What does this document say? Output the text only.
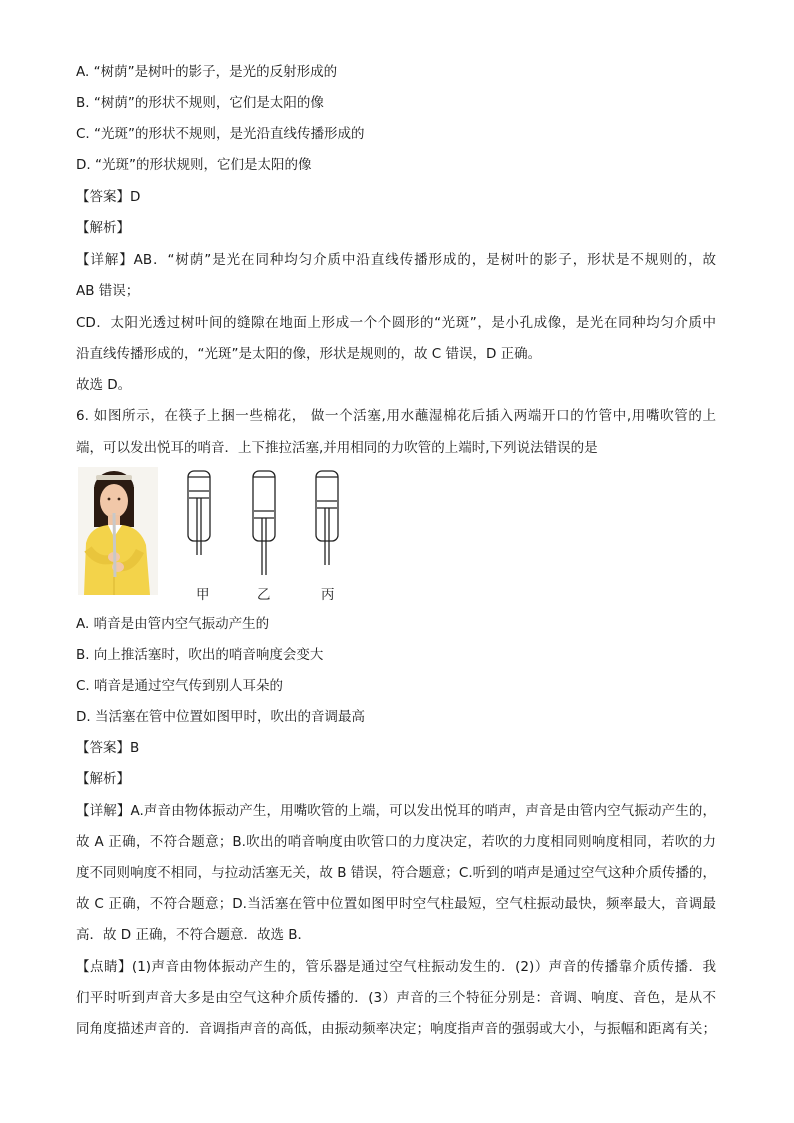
A. “树荫”是树叶的影子，是光的反射形成的
B. “树荫”的形状不规则，它们是太阳的像
C. “光斑”的形状不规则，是光沿直线传播形成的
D. “光斑”的形状规则，它们是太阳的像
【答案】D
【解析】
【详解】AB．“树荫”是光在同种均匀介质中沿直线传播形成的，是树叶的影子，形状是不规则的，故
AB 错误；
CD．太阳光透过树叶间的缝隙在地面上形成一个个圆形的“光斑”，是小孔成像，是光在同种均匀介质中
沿直线传播形成的，“光斑”是太阳的像，形状是规则的，故 C 错误，D 正确。
故选 D。
6. 如图所示，在筷子上捆一些棉花， 做一个活塞,用水蘸湿棉花后插入两端开口的竹管中,用嘴吹管的上
端，可以发出悦耳的哨音．上下推拉活塞,并用相同的力吹管的上端时,下列说法错误的是
甲	乙	丙
A. 哨音是由管内空气振动产生的
B. 向上推活塞时，吹出的哨音响度会变大
C. 哨音是通过空气传到别人耳朵的
D. 当活塞在管中位置如图甲时，吹出的音调最高
【答案】B
【解析】
【详解】A.声音由物体振动产生，用嘴吹管的上端，可以发出悦耳的哨声，声音是由管内空气振动产生的，
故 A 正确，不符合题意；B.吹出的哨音响度由吹管口的力度决定，若吹的力度相同则响度相同，若吹的力
度不同则响度不相同，与拉动活塞无关，故 B 错误，符合题意；C.听到的哨声是通过空气这种介质传播的，
故 C 正确，不符合题意；D.当活塞在管中位置如图甲时空气柱最短，空气柱振动最快，频率最大，音调最
高．故 D 正确，不符合题意．故选 B．
【点睛】(1)声音由物体振动产生的，管乐器是通过空气柱振动发生的．(2)）声音的传播靠介质传播．我
们平时听到声音大多是由空气这种介质传播的．(3）声音的三个特征分别是：音调、响度、音色，是从不
同角度描述声音的．音调指声音的高低，由振动频率决定；响度指声音的强弱或大小，与振幅和距离有关；
